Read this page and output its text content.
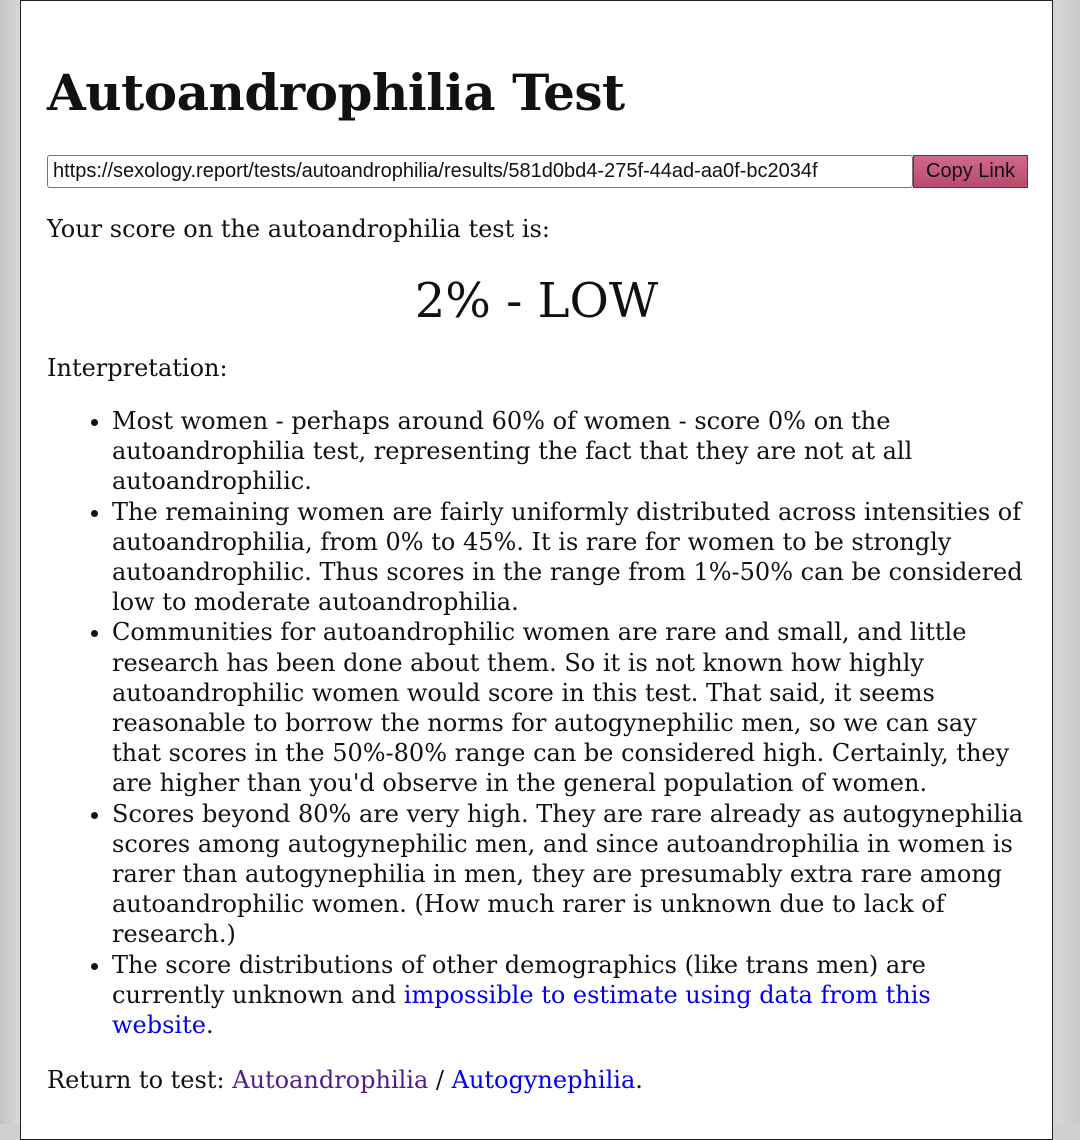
Autoandrophilia Test
https://sexology.report/tests/autoandrophilia/results/581d0bd4-275f-44ad-aa0f-bc2034f
Copy Link
Your score on the autoandrophilia test is:
2% - LOW
Interpretation:
• Most women - perhaps around 60% of women - score 0% on the autoandrophilia test, representing the fact that they are not at all autoandrophilic.
• The remaining women are fairly uniformly distributed across intensities of autoandrophilia, from 0% to 45%. It is rare for women to be strongly autoandrophilic. Thus scores in the range from 1%-50% can be considered low to moderate autoandrophilia.
• Communities for autoandrophilic women are rare and small, and little research has been done about them. So it is not known how highly autoandrophilic women would score in this test. That said, it seems reasonable to borrow the norms for autogynephilic men, so we can say that scores in the 50%-80% range can be considered high. Certainly, they are higher than you'd observe in the general population of women.
• Scores beyond 80% are very high. They are rare already as autogynephilia scores among autogynephilic men, and since autoandrophilia in women is rarer than autogynephilia in men, they are presumably extra rare among autoandrophilic women. (How much rarer is unknown due to lack of research.)
• The score distributions of other demographics (like trans men) are currently unknown and impossible to estimate using data from this website.
Return to test: Autoandrophilia / Autogynephilia.
